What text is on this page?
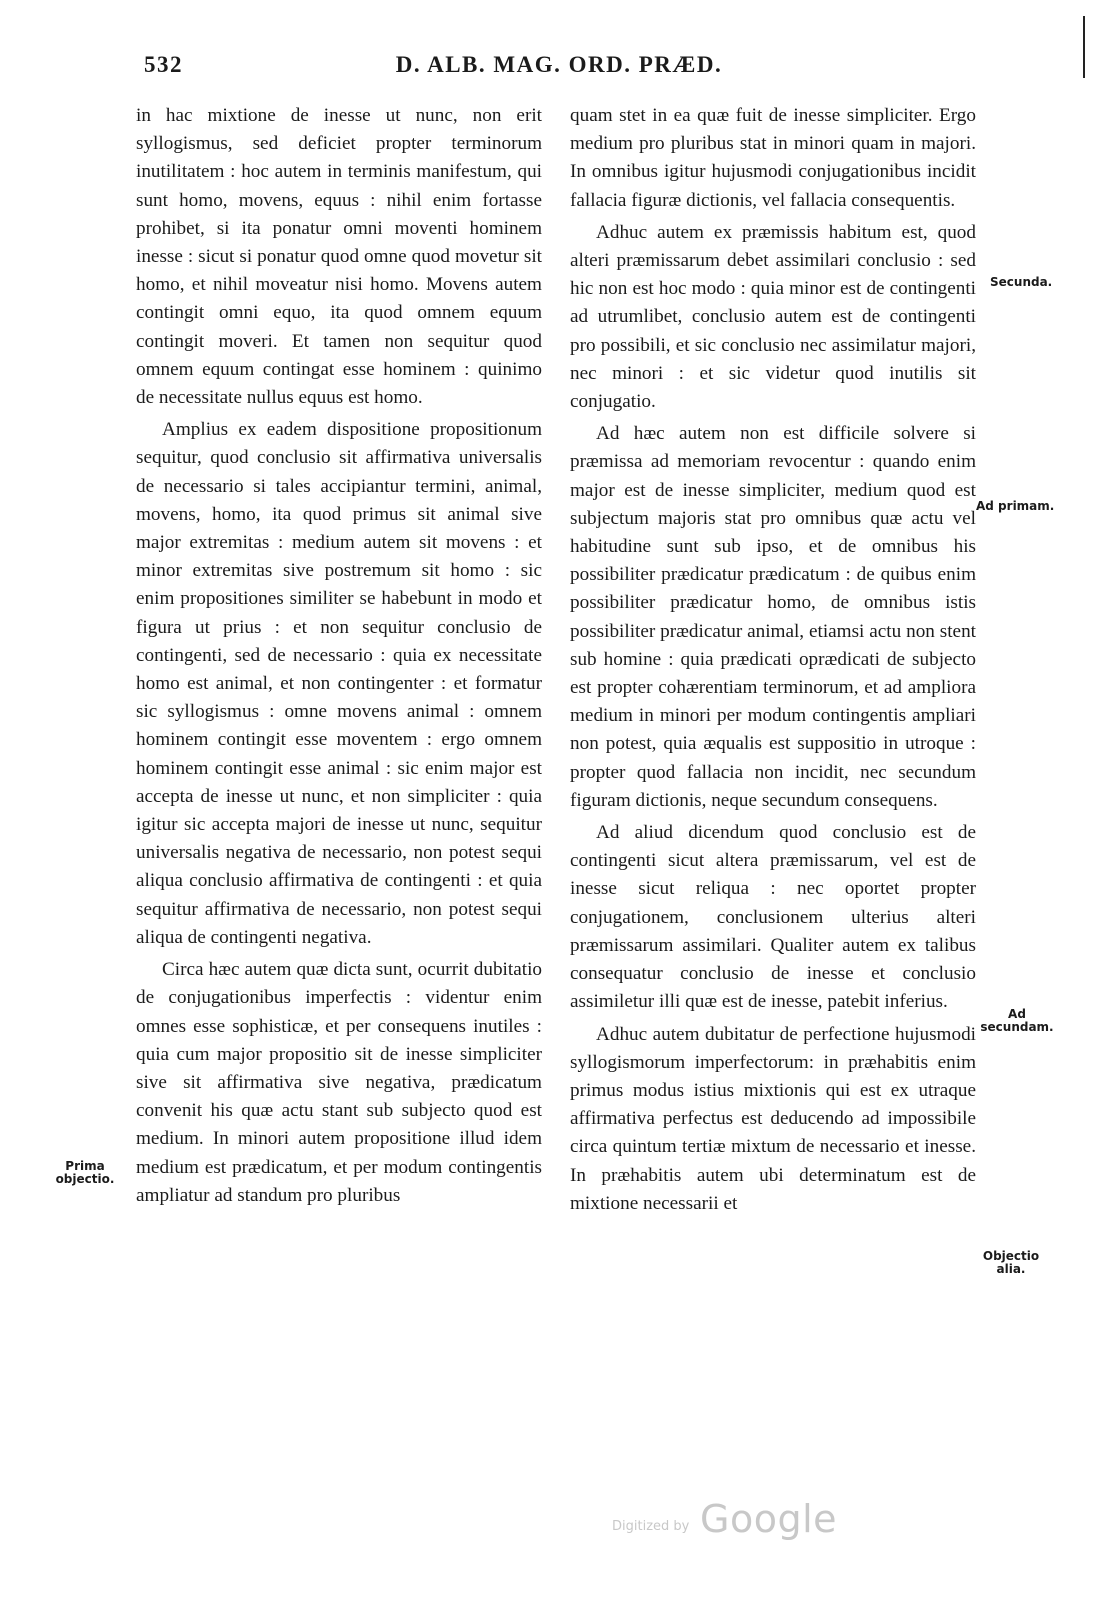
532	D. ALB. MAG. ORD. PRÆD.

in hac mixtione de inesse ut nunc, non erit syllogismus, sed deficiet propter terminorum inutilitatem : hoc autem in terminis manifestum, qui sunt homo, movens, equus : nihil enim fortasse prohibet, si ita ponatur omni moventi hominem inesse : sicut si ponatur quod omne quod movetur sit homo, et nihil moveatur nisi homo. Movens autem contingit omni equo, ita quod omnem equum contingit moveri. Et tamen non sequitur quod omnem equum contingat esse hominem : quinimo de necessitate nullus equus est homo.

Amplius ex eadem dispositione propositionum sequitur, quod conclusio sit affirmativa universalis de necessario si tales accipiantur termini, animal, movens, homo, ita quod primus sit animal sive major extremitas : medium autem sit movens : et minor extremitas sive postremum sit homo : sic enim propositiones similiter se habebunt in modo et figura ut prius : et non sequitur conclusio de contingenti, sed de necessario : quia ex necessitate homo est animal, et non contingenter : et formatur sic syllogismus : omne movens animal : omnem hominem contingit esse moventem : ergo omnem hominem contingit esse animal : sic enim major est accepta de inesse ut nunc, et non simpliciter : quia igitur sic accepta majori de inesse ut nunc, sequitur universalis negativa de necessario, non potest sequi aliqua conclusio affirmativa de contingenti : et quia sequitur affirmativa de necessario, non potest sequi aliqua de contingenti negativa.

Circa hæc autem quæ dicta sunt, ocurrit dubitatio de conjugationibus imperfectis : videntur enim omnes esse sophisticæ, et per consequens inutiles : quia cum major propositio sit de inesse simpliciter sive sit affirmativa sive negativa, prædicatum convenit his quæ actu stant sub subjecto quod est medium. In minori autem propositione illud idem medium est prædicatum, et per modum contingentis ampliatur ad standum pro pluribus

quam stet in ea quæ fuit de inesse simpliciter. Ergo medium pro pluribus stat in minori quam in majori. In omnibus igitur hujusmodi conjugationibus incidit fallacia figuræ dictionis, vel fallacia consequentis.

Adhuc autem ex præmissis habitum est, quod alteri præmissarum debet assimilari conclusio : sed hic non est hoc modo : quia minor est de contingenti ad utrumlibet, conclusio autem est de contingenti pro possibili, et sic conclusio nec assimilatur majori, nec minori : et sic videtur quod inutilis sit conjugatio.

Ad hæc autem non est difficile solvere si præmissa ad memoriam revocentur : quando enim major est de inesse simpliciter, medium quod est subjectum majoris stat pro omnibus quæ actu vel habitudine sunt sub ipso, et de omnibus his possibiliter prædicatur prædicatum : de quibus enim possibiliter prædicatur homo, de omnibus istis possibiliter prædicatur animal, etiamsi actu non stent sub homine : quia prædicati oprædicati de subjecto est propter cohærentiam terminorum, et ad ampliora medium in minori per modum contingentis ampliari non potest, quia æqualis est suppositio in utroque : propter quod fallacia non incidit, nec secundum figuram dictionis, neque secundum consequens.

Ad aliud dicendum quod conclusio est de contingenti sicut altera præmissarum, vel est de inesse sicut reliqua : nec oportet propter conjugationem, conclusionem ulterius alteri præmissarum assimilari. Qualiter autem ex talibus consequatur conclusio de inesse et conclusio assimiletur illi quæ est de inesse, patebit inferius.

Adhuc autem dubitatur de perfectione hujusmodi syllogismorum imperfectorum: in præhabitis enim primus modus istius mixtionis qui est ex utraque affirmativa perfectus est deducendo ad impossibile circa quintum tertiæ mixtum de necessario et inesse. In præhabitis autem ubi determinatum est de mixtione necessarii et

Secunda.
Ad primam.
Ad secundam.
Objectio alia.
Prima objectio.
Digitized by Google
